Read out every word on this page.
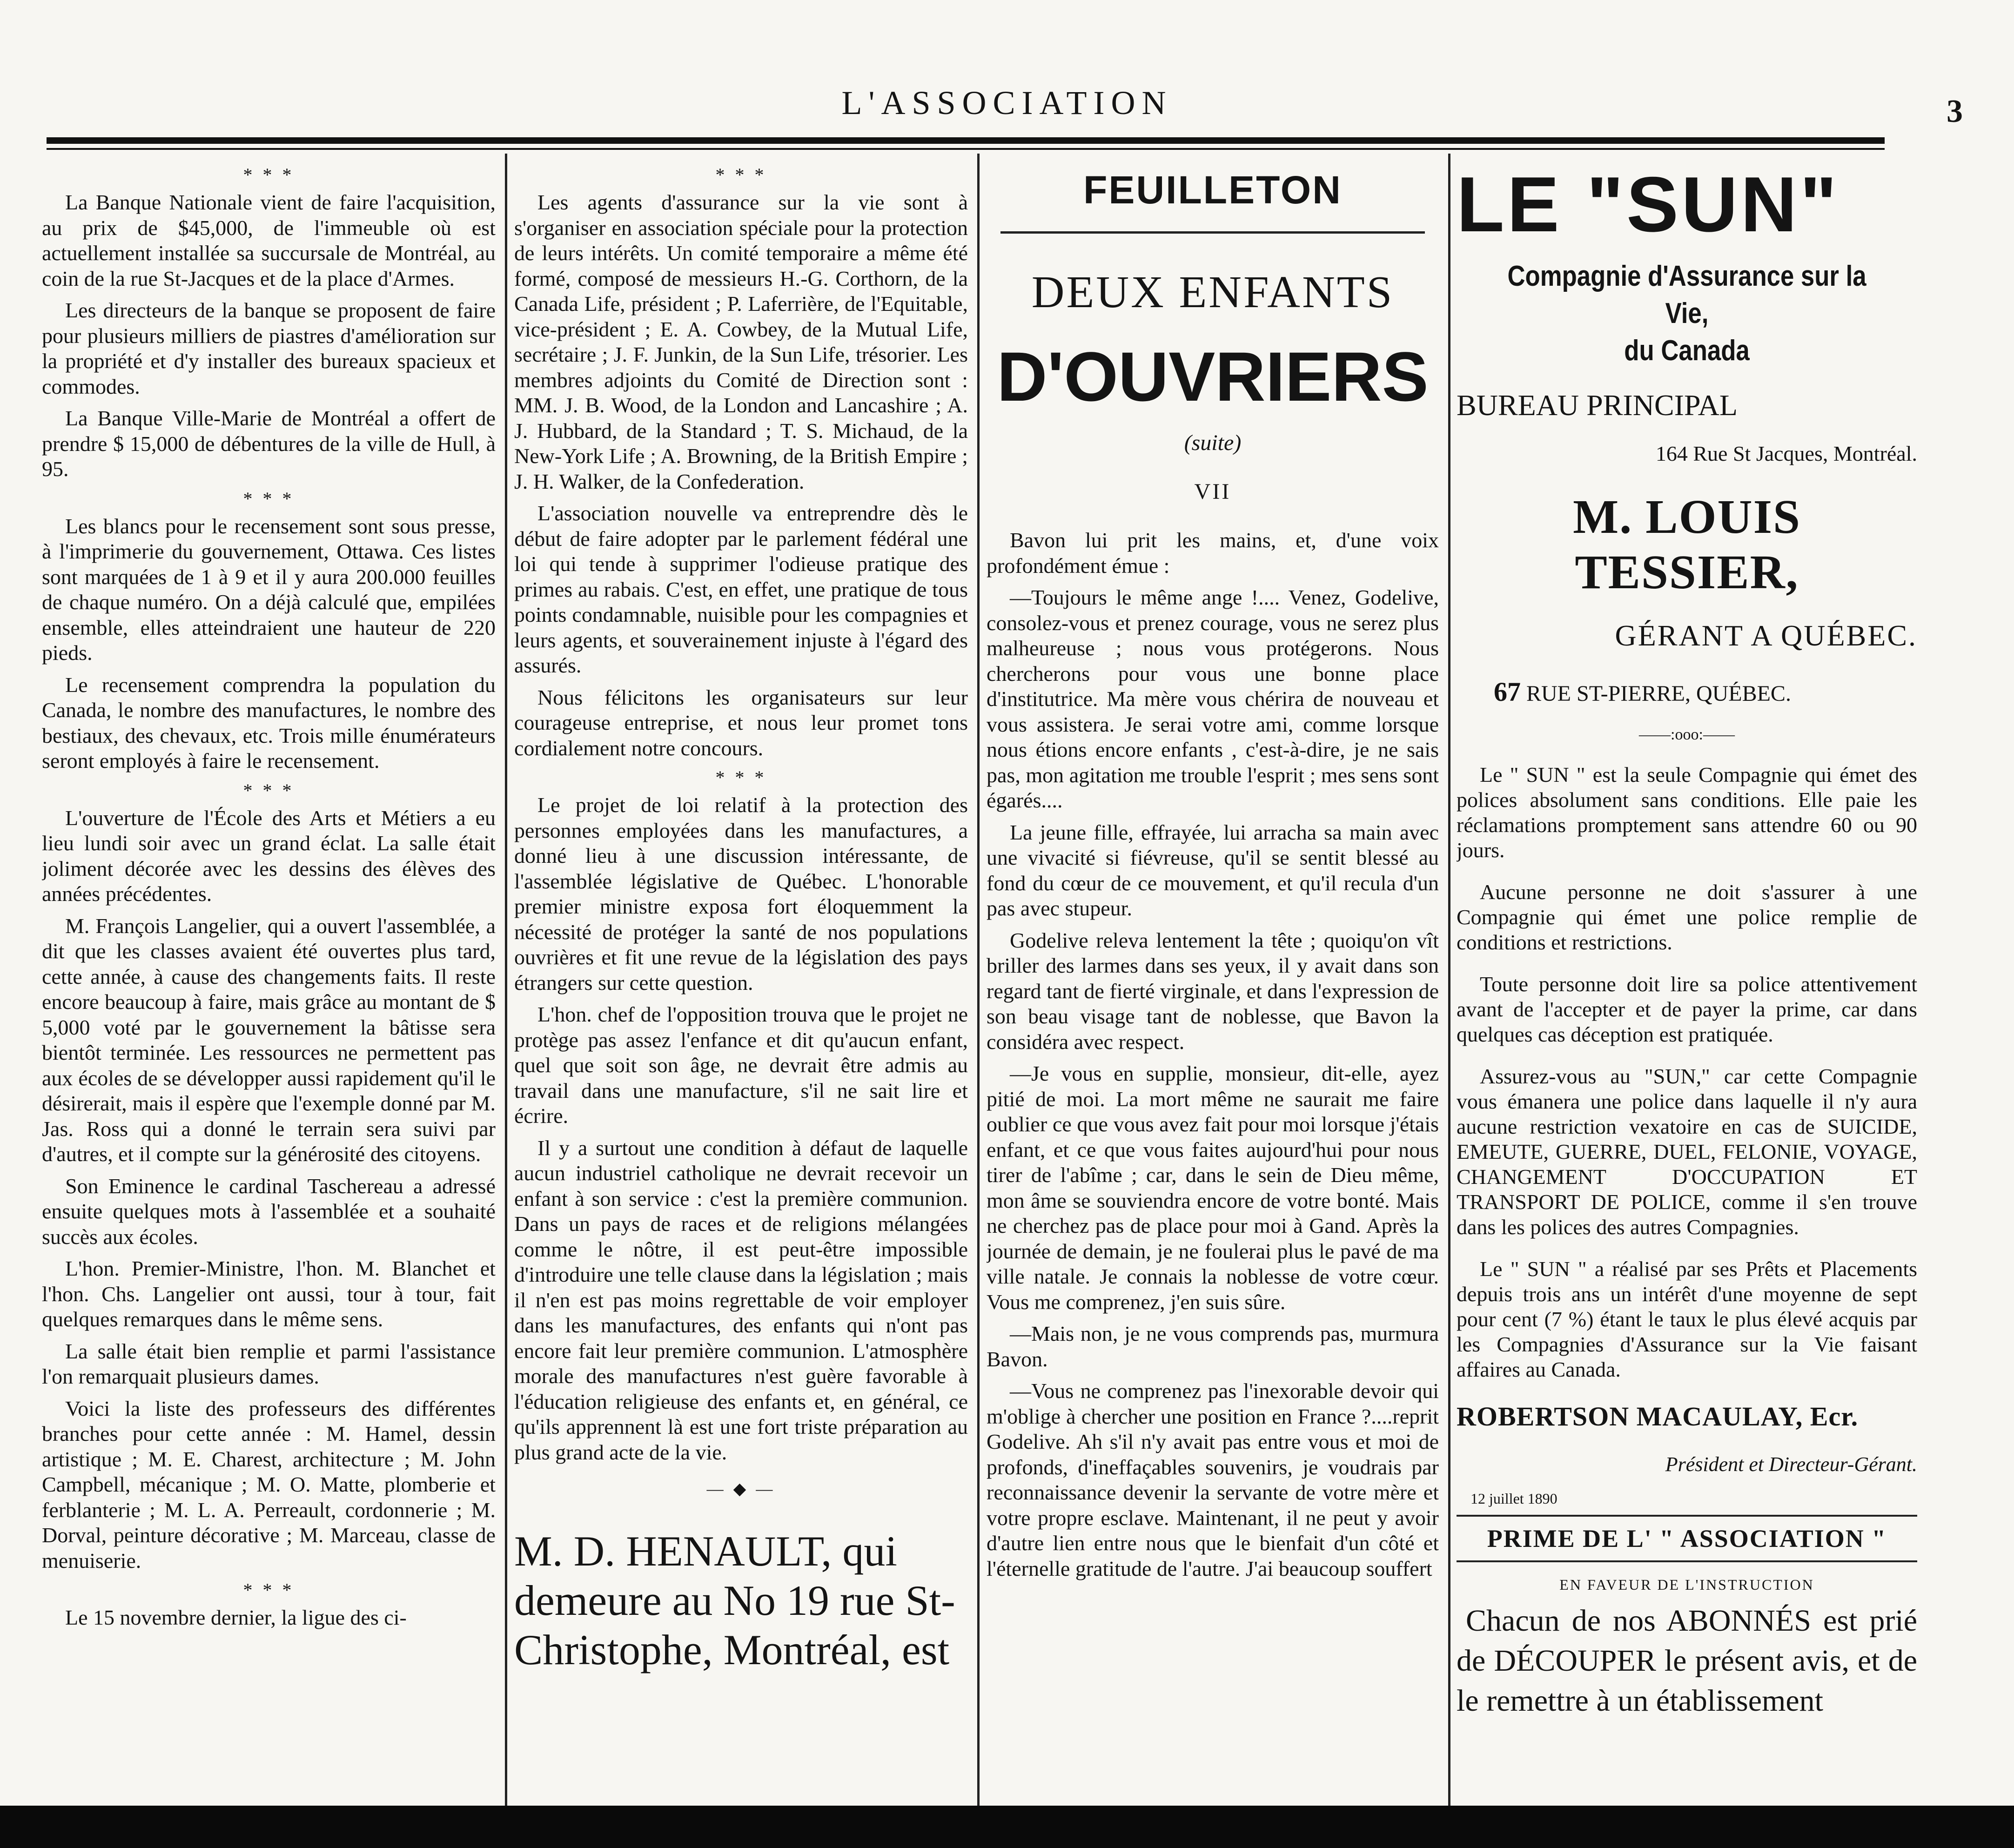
L'ASSOCIATION	3
* * *

La Banque Nationale vient de faire l'acquisition, au prix de $45,000, de l'immeuble où est actuellement installée sa succursale de Montréal, au coin de la rue St-Jacques et de la place d'Armes.

Les directeurs de la banque se proposent de faire pour plusieurs milliers de piastres d'amélioration sur la propriété et d'y installer des bureaux spacieux et commodes.

La Banque Ville-Marie de Montréal a offert de prendre $ 15,000 de débentures de la ville de Hull, à 95.

* * *

Les blancs pour le recensement sont sous presse, à l'imprimerie du gouvernement, Ottawa. Ces listes sont marquées de 1 à 9 et il y aura 200.000 feuilles de chaque numéro. On a déjà calculé que, empilées ensemble, elles atteindraient une hauteur de 220 pieds.

Le recensement comprendra la population du Canada, le nombre des manufactures, le nombre des bestiaux, des chevaux, etc. Trois mille énumérateurs seront employés à faire le recensement.

* * *

L'ouverture de l'École des Arts et Métiers a eu lieu lundi soir avec un grand éclat. La salle était joliment décorée avec les dessins des élèves des années précédentes.

M. François Langelier, qui a ouvert l'assemblée, a dit que les classes avaient été ouvertes plus tard, cette année, à cause des changements faits. Il reste encore beaucoup à faire, mais grâce au montant de $ 5,000 voté par le gouvernement la bâtisse sera bientôt terminée. Les ressources ne permettent pas aux écoles de se développer aussi rapidement qu'il le désirerait, mais il espère que l'exemple donné par M. Jas. Ross qui a donné le terrain sera suivi par d'autres, et il compte sur la générosité des citoyens.

Son Eminence le cardinal Taschereau a adressé ensuite quelques mots à l'assemblée et a souhaité succès aux écoles.

L'hon. Premier-Ministre, l'hon. M. Blanchet et l'hon. Chs. Langelier ont aussi, tour à tour, fait quelques remarques dans le même sens.

La salle était bien remplie et parmi l'assistance l'on remarquait plusieurs dames.

Voici la liste des professeurs des différentes branches pour cette année : M. Hamel, dessin artistique ; M. E. Charest, architecture ; M. John Campbell, mécanique ; M. O. Matte, plomberie et ferblanterie ; M. L. A. Perreault, cordonnerie ; M. Dorval, peinture décorative ; M. Marceau, classe de menuiserie.

* * *

Le 15 novembre dernier, la ligue des ci-

* * *

Les agents d'assurance sur la vie sont à s'organiser en association spéciale pour la protection de leurs intérêts. Un comité temporaire a même été formé, composé de messieurs H.-G. Corthorn, de la Canada Life, président ; P. Laferrière, de l'Equitable, vice-président ; E. A. Cowbey, de la Mutual Life, secrétaire ; J. F. Junkin, de la Sun Life, trésorier. Les membres adjoints du Comité de Direction sont : MM. J. B. Wood, de la London and Lancashire ; A. J. Hubbard, de la Standard ; T. S. Michaud, de la New-York Life ; A. Browning, de la British Empire ; J. H. Walker, de la Confederation.

L'association nouvelle va entreprendre dès le début de faire adopter par le parlement fédéral une loi qui tende à supprimer l'odieuse pratique des primes au rabais. C'est, en effet, une pratique de tous points condamnable, nuisible pour les compagnies et leurs agents, et souverainement injuste à l'égard des assurés.

Nous félicitons les organisateurs sur leur courageuse entreprise, et nous leur promet tons cordialement notre concours.

* * *

Le projet de loi relatif à la protection des personnes employées dans les manufactures, a donné lieu à une discussion intéressante, de l'assemblée législative de Québec. L'honorable premier ministre exposa fort éloquemment la nécessité de protéger la santé de nos populations ouvrières et fit une revue de la législation des pays étrangers sur cette question.

L'hon. chef de l'opposition trouva que le projet ne protège pas assez l'enfance et dit qu'aucun enfant, quel que soit son âge, ne devrait être admis au travail dans une manufacture, s'il ne sait lire et écrire.

Il y a surtout une condition à défaut de laquelle aucun industriel catholique ne devrait recevoir un enfant à son service : c'est la première communion. Dans un pays de races et de religions mélangées comme le nôtre, il est peut-être impossible d'introduire une telle clause dans la législation ; mais il n'en est pas moins regrettable de voir employer dans les manufactures, des enfants qui n'ont pas encore fait leur première communion. L'atmosphère morale des manufactures n'est guère favorable à l'éducation religieuse des enfants et, en général, ce qu'ils apprennent là est une fort triste préparation au plus grand acte de la vie.

— ◆ —
M. D. HENAULT, qui demeure au No 19 rue St-Christophe, Montréal, est
FEUILLETON
DEUX ENFANTS
D'OUVRIERS
(suite)
VII

Bavon lui prit les mains, et, d'une voix profondément émue :

—Toujours le même ange !.... Venez, Godelive, consolez-vous et prenez courage, vous ne serez plus malheureuse ; nous vous protégerons. Nous chercherons pour vous une bonne place d'institutrice. Ma mère vous chérira de nouveau et vous assistera. Je serai votre ami, comme lorsque nous étions encore enfants , c'est-à-dire, je ne sais pas, mon agitation me trouble l'esprit ; mes sens sont égarés....

La jeune fille, effrayée, lui arracha sa main avec une vivacité si fiévreuse, qu'il se sentit blessé au fond du cœur de ce mouvement, et qu'il recula d'un pas avec stupeur.

Godelive releva lentement la tête ; quoiqu'on vît briller des larmes dans ses yeux, il y avait dans son regard tant de fierté virginale, et dans l'expression de son beau visage tant de noblesse, que Bavon la considéra avec respect.

—Je vous en supplie, monsieur, dit-elle, ayez pitié de moi. La mort même ne saurait me faire oublier ce que vous avez fait pour moi lorsque j'étais enfant, et ce que vous faites aujourd'hui pour nous tirer de l'abîme ; car, dans le sein de Dieu même, mon âme se souviendra encore de votre bonté. Mais ne cherchez pas de place pour moi à Gand. Après la journée de demain, je ne foulerai plus le pavé de ma ville natale. Je connais la noblesse de votre cœur. Vous me comprenez, j'en suis sûre.

—Mais non, je ne vous comprends pas, murmura Bavon.

—Vous ne comprenez pas l'inexorable devoir qui m'oblige à chercher une position en France ?....reprit Godelive. Ah s'il n'y avait pas entre vous et moi de profonds, d'ineffaçables souvenirs, je voudrais par reconnaissance devenir la servante de votre mère et votre propre esclave. Maintenant, il ne peut y avoir d'autre lien entre nous que le bienfait d'un côté et l'éternelle gratitude de l'autre. J'ai beaucoup souffert

LE "SUN"
Compagnie d'Assurance sur la Vie,
du Canada
BUREAU PRINCIPAL
164 Rue St Jacques, Montréal.
M. LOUIS TESSIER,
GÉRANT A QUÉBEC.
67 RUE ST-PIERRE, QUÉBEC.
——:ooo:——

Le " SUN " est la seule Compagnie qui émet des polices absolument sans conditions. Elle paie les réclamations promptement sans attendre 60 ou 90 jours.

Aucune personne ne doit s'assurer à une Compagnie qui émet une police remplie de conditions et restrictions.

Toute personne doit lire sa police attentivement avant de l'accepter et de payer la prime, car dans quelques cas déception est pratiquée.

Assurez-vous au "SUN," car cette Compagnie vous émanera une police dans laquelle il n'y aura aucune restriction vexatoire en cas de SUICIDE, EMEUTE, GUERRE, DUEL, FELONIE, VOYAGE, CHANGEMENT D'OCCUPATION ET TRANSPORT DE POLICE, comme il s'en trouve dans les polices des autres Compagnies.

Le " SUN " a réalisé par ses Prêts et Placements depuis trois ans un intérêt d'une moyenne de sept pour cent (7 %) étant le taux le plus élevé acquis par les Compagnies d'Assurance sur la Vie faisant affaires au Canada.

ROBERTSON MACAULAY, Ecr.
Président et Directeur-Gérant.
12 juillet 1890
PRIME DE L' " ASSOCIATION "
EN FAVEUR DE L'INSTRUCTION
Chacun de nos ABONNÉS est prié de DÉCOUPER le présent avis, et de le remettre à un établissement
